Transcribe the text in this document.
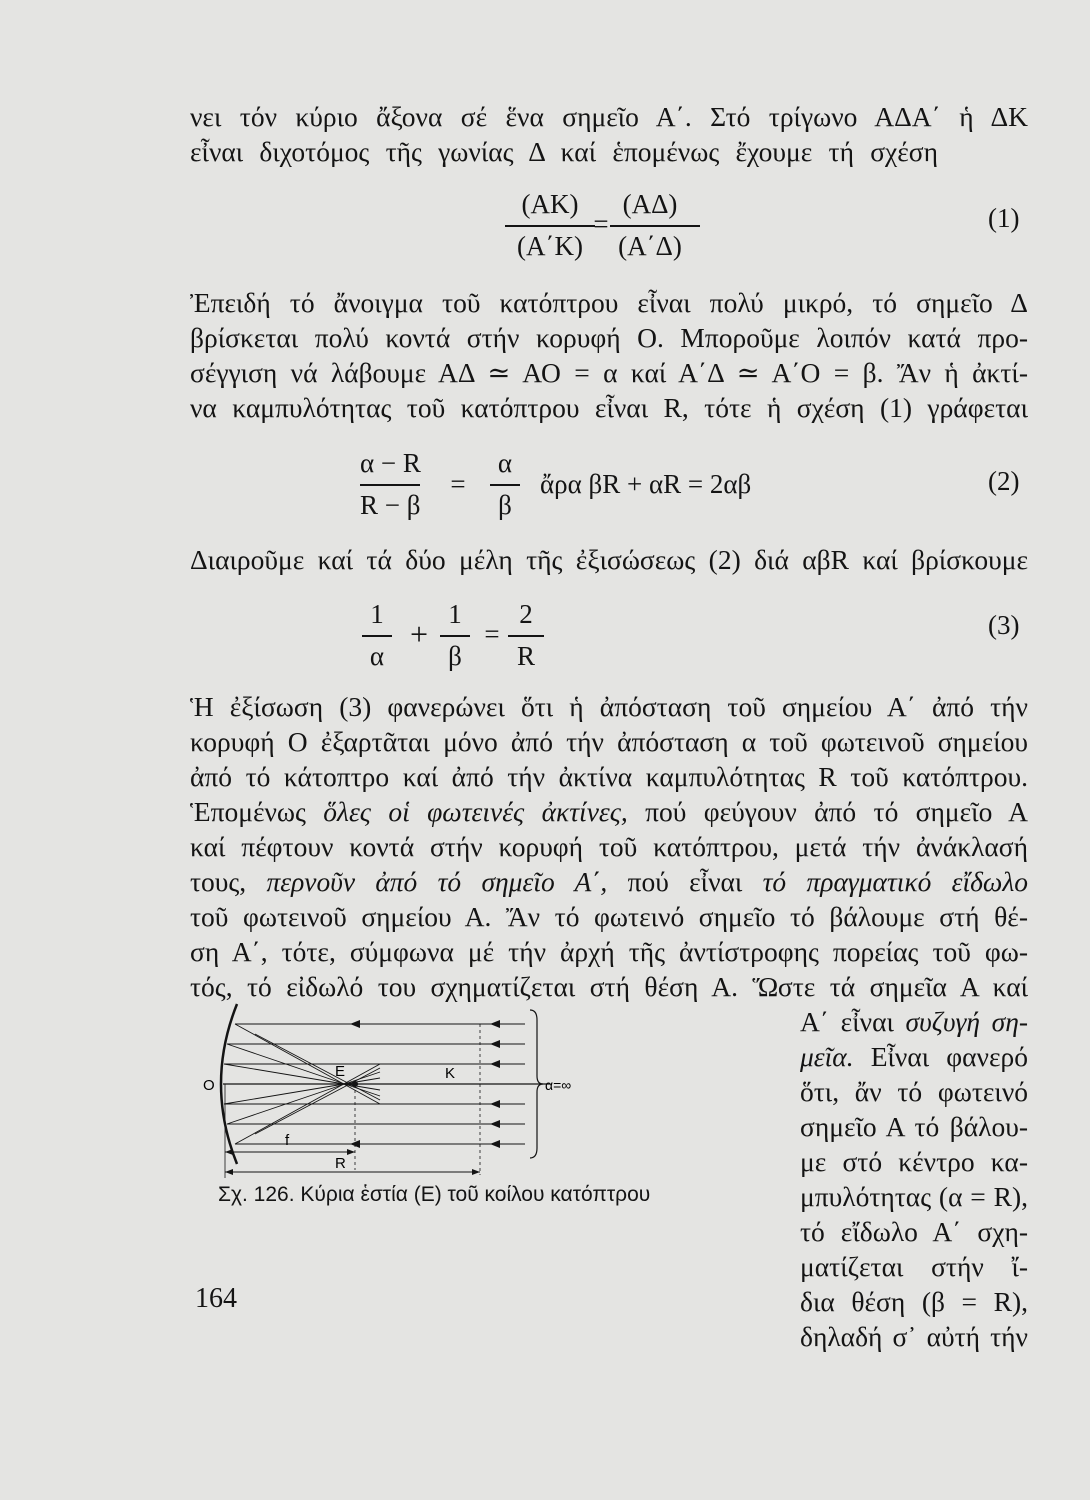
νει τόν κύριο ἄξονα σέ ἕνα σημεῖο Α΄. Στό τρίγωνο ΑΔΑ΄ ἡ ΔΚ
εἶναι διχοτόμος τῆς γωνίας Δ καί ἑπομένως ἔχουμε τή σχέση
(ΑΚ)	(ΑΔ)
=
(Α΄Κ)	(Α΄Δ)
(1)
Ἐπειδή τό ἄνοιγμα τοῦ κατόπτρου εἶναι πολύ μικρό, τό σημεῖο Δ
βρίσκεται πολύ κοντά στήν κορυφή Ο. Μποροῦμε λοιπόν κατά προ-
σέγγιση νά λάβουμε ΑΔ ≃ ΑΟ = α καί Α΄Δ ≃ Α΄Ο = β. Ἄν ἡ ἀκτί-
να καμπυλότητας τοῦ κατόπτρου εἶναι R, τότε ἡ σχέση (1) γράφεται
α − R
R − β
=
α
β
ἄρα βR + αR = 2αβ	(2)
Διαιροῦμε καί τά δύο μέλη τῆς ἐξισώσεως (2) διά αβR καί βρίσκουμε
1
α
+
1
β
=
2
R
(3)
Ἡ ἐξίσωση (3) φανερώνει ὅτι ἡ ἀπόσταση τοῦ σημείου Α΄ ἀπό τήν
κορυφή Ο ἐξαρτᾶται μόνο ἀπό τήν ἀπόσταση α τοῦ φωτεινοῦ σημείου
ἀπό τό κάτοπτρο καί ἀπό τήν ἀκτίνα καμπυλότητας R τοῦ κατόπτρου.
Ἑπομένως ὅλες οἱ φωτεινές ἀκτίνες, πού φεύγουν ἀπό τό σημεῖο Α
καί πέφτουν κοντά στήν κορυφή τοῦ κατόπτρου, μετά τήν ἀνάκλασή
τους, περνοῦν ἀπό τό σημεῖο Α΄, πού εἶναι τό πραγματικό εἴδωλο
τοῦ φωτεινοῦ σημείου Α. Ἄν τό φωτεινό σημεῖο τό βάλουμε στή θέ-
ση Α΄, τότε, σύμφωνα μέ τήν ἀρχή τῆς ἀντίστροφης πορείας τοῦ φω-
τός, τό εἰδωλό του σχηματίζεται στή θέση Α. Ὥστε τά σημεῖα Α καί
Α΄ εἶναι συζυγή ση-
μεῖα. Εἶναι φανερό
ὅτι, ἄν τό φωτεινό
σημεῖο Α τό βάλου-
με στό κέντρο κα-
μπυλότητας (α = R),
τό εἴδωλο Α΄ σχη-
ματίζεται στήν ἴ-
δια θέση (β = R),
δηλαδή σ᾽ αὐτή τήν
O
E	K
α=∞
f
R
Σχ. 126. Κύρια ἑστία (Ε) τοῦ κοίλου κατόπτρου
164
